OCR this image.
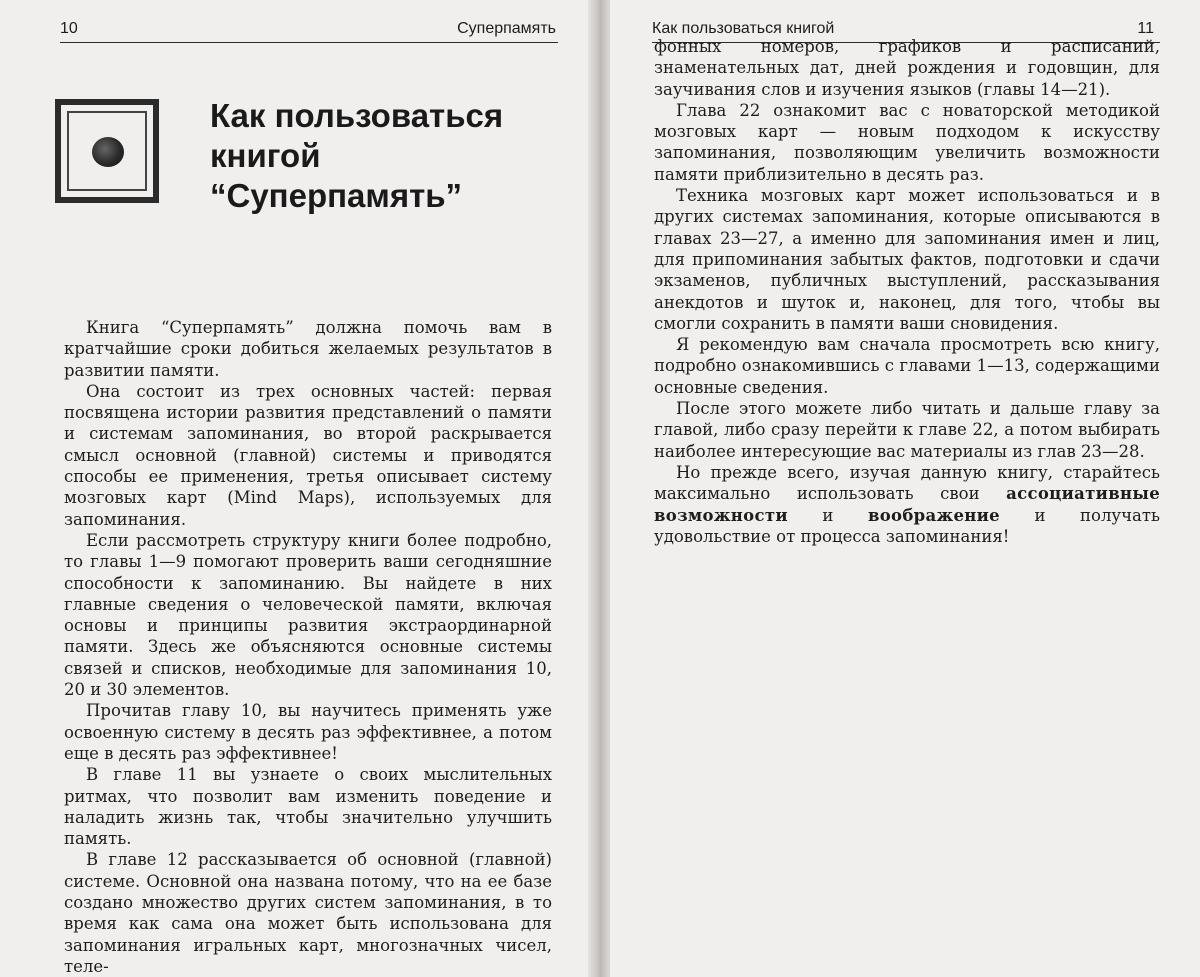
10	Суперпамять
Как пользоваться
книгой
“Суперпамять”

Книга “Суперпамять” должна помочь вам в кратчайшие сроки добиться желаемых результатов в развитии памяти.

Она состоит из трех основных частей: первая посвящена истории развития представлений о памяти и системам запоминания, во второй раскрывается смысл основной (главной) системы и приводятся способы ее применения, третья описывает систему мозговых карт (Mind Maps), используемых для запоминания.

Если рассмотреть структуру книги более подробно, то главы 1—9 помогают проверить ваши сегодняшние способности к запоминанию. Вы найдете в них главные сведения о человеческой памяти, включая основы и принципы развития экстраординарной памяти. Здесь же объясняются основные системы связей и списков, необходимые для запоминания 10, 20 и 30 элементов.

Прочитав главу 10, вы научитесь применять уже освоенную систему в десять раз эффективнее, а потом еще в десять раз эффективнее!

В главе 11 вы узнаете о своих мыслительных ритмах, что позволит вам изменить поведение и наладить жизнь так, чтобы значительно улучшить память.

В главе 12 рассказывается об основной (главной) системе. Основной она названа потому, что на ее базе создано множество других систем запоминания, в то время как сама она может быть использована для запоминания игральных карт, многозначных чисел, теле-

Как пользоваться книгой	11

фонных номеров, графиков и расписаний, знаменательных дат, дней рождения и годовщин, для заучивания слов и изучения языков (главы 14—21).

Глава 22 ознакомит вас с новаторской методикой мозговых карт — новым подходом к искусству запоминания, позволяющим увеличить возможности памяти приблизительно в десять раз.

Техника мозговых карт может использоваться и в других системах запоминания, которые описываются в главах 23—27, а именно для запоминания имен и лиц, для припоминания забытых фактов, подготовки и сдачи экзаменов, публичных выступлений, рассказывания анекдотов и шуток и, наконец, для того, чтобы вы смогли сохранить в памяти ваши сновидения.

Я рекомендую вам сначала просмотреть всю книгу, подробно ознакомившись с главами 1—13, содержащими основные сведения.

После этого можете либо читать и дальше главу за главой, либо сразу перейти к главе 22, а потом выбирать наиболее интересующие вас материалы из глав 23—28.

Но прежде всего, изучая данную книгу, старайтесь максимально использовать свои ассоциативные возможности и воображение и получать удовольствие от процесса запоминания!
